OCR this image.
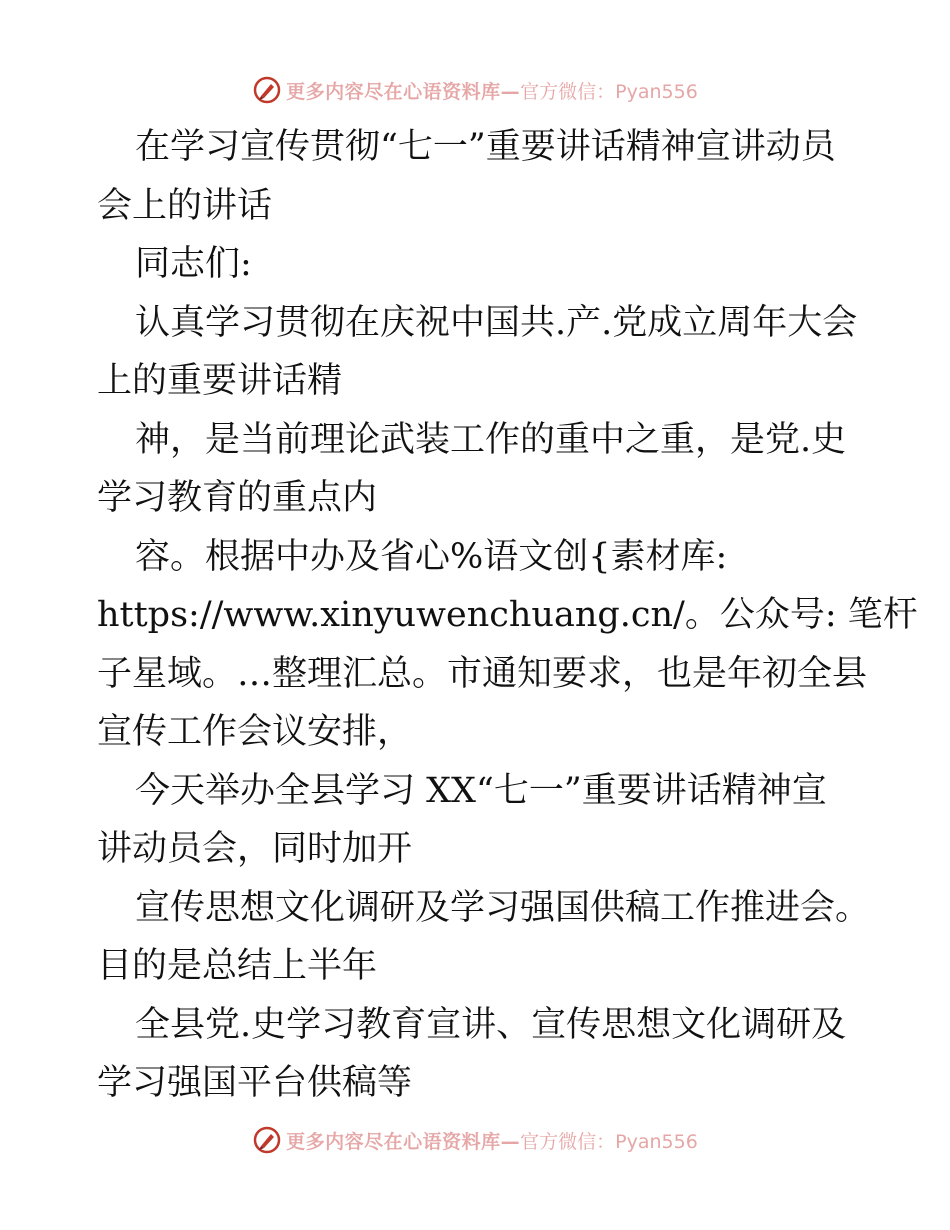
更多内容尽在心语资料库— 官方微信：Pyan556
在学习宣传贯彻“七一”重要讲话精神宣讲动员
会上的讲话
同志们:
认真学习贯彻在庆祝中国共.产.党成立周年大会
上的重要讲话精
神，是当前理论武装工作的重中之重，是党.史
学习教育的重点内
容。根据中办及省心%语文创{素材库:
https://www.xinyuwenchuang.cn/。公众号: 笔杆
子星域。…整理汇总。市通知要求，也是年初全县
宣传工作会议安排，
今天举办全县学习 XX“七一”重要讲话精神宣
讲动员会，同时加开
宣传思想文化调研及学习强国供稿工作推进会。
目的是总结上半年
全县党.史学习教育宣讲、宣传思想文化调研及
学习强国平台供稿等
更多内容尽在心语资料库— 官方微信：Pyan556
